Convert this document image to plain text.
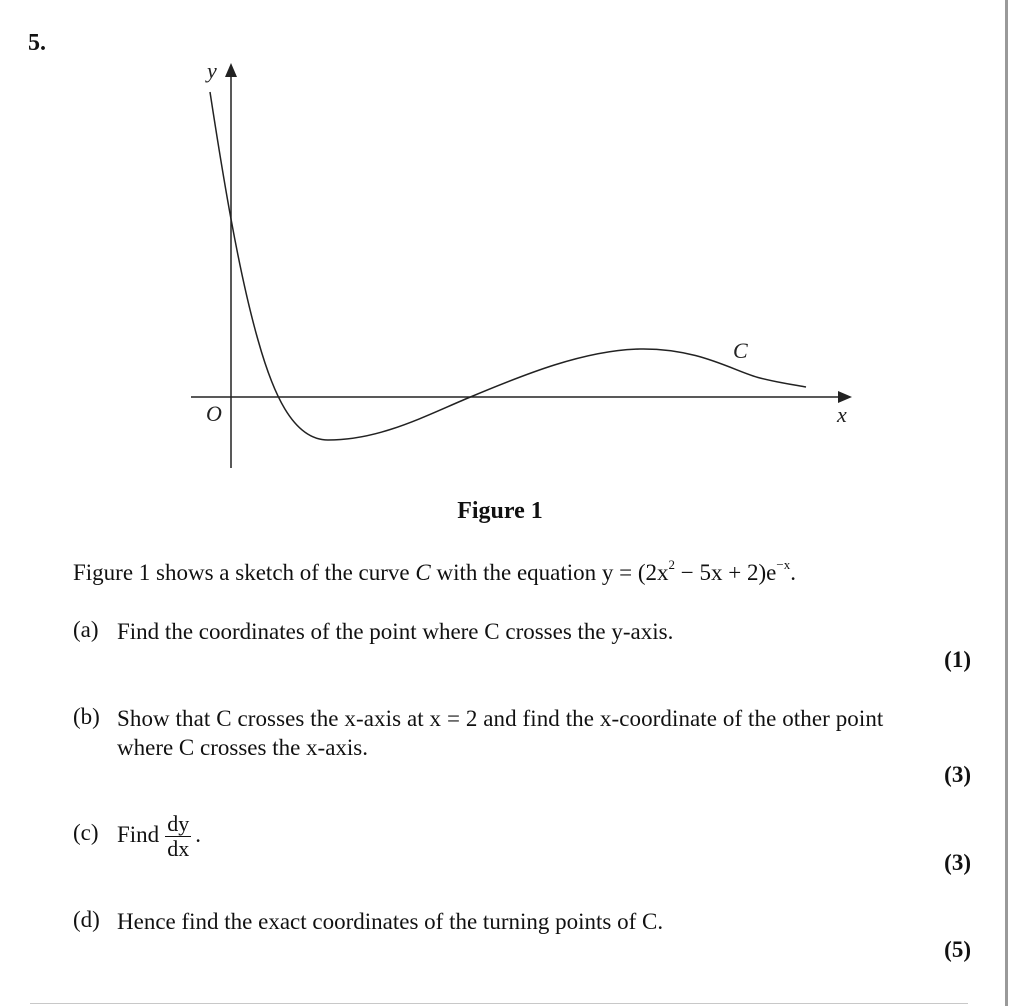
5.
y
x
O
C
Figure 1
Figure 1 shows a sketch of the curve C with the equation $y = (2x^2 - 5x + 2)e^{-x}$.
(a) Find the coordinates of the point where C crosses the y-axis.
(1)
(b) Show that C crosses the x-axis at x = 2 and find the x-coordinate of the other point
where C crosses the x-axis.
(3)
(c) Find $\frac{dy}{dx}$ .
(3)
(d) Hence find the exact coordinates of the turning points of C.
(5)
